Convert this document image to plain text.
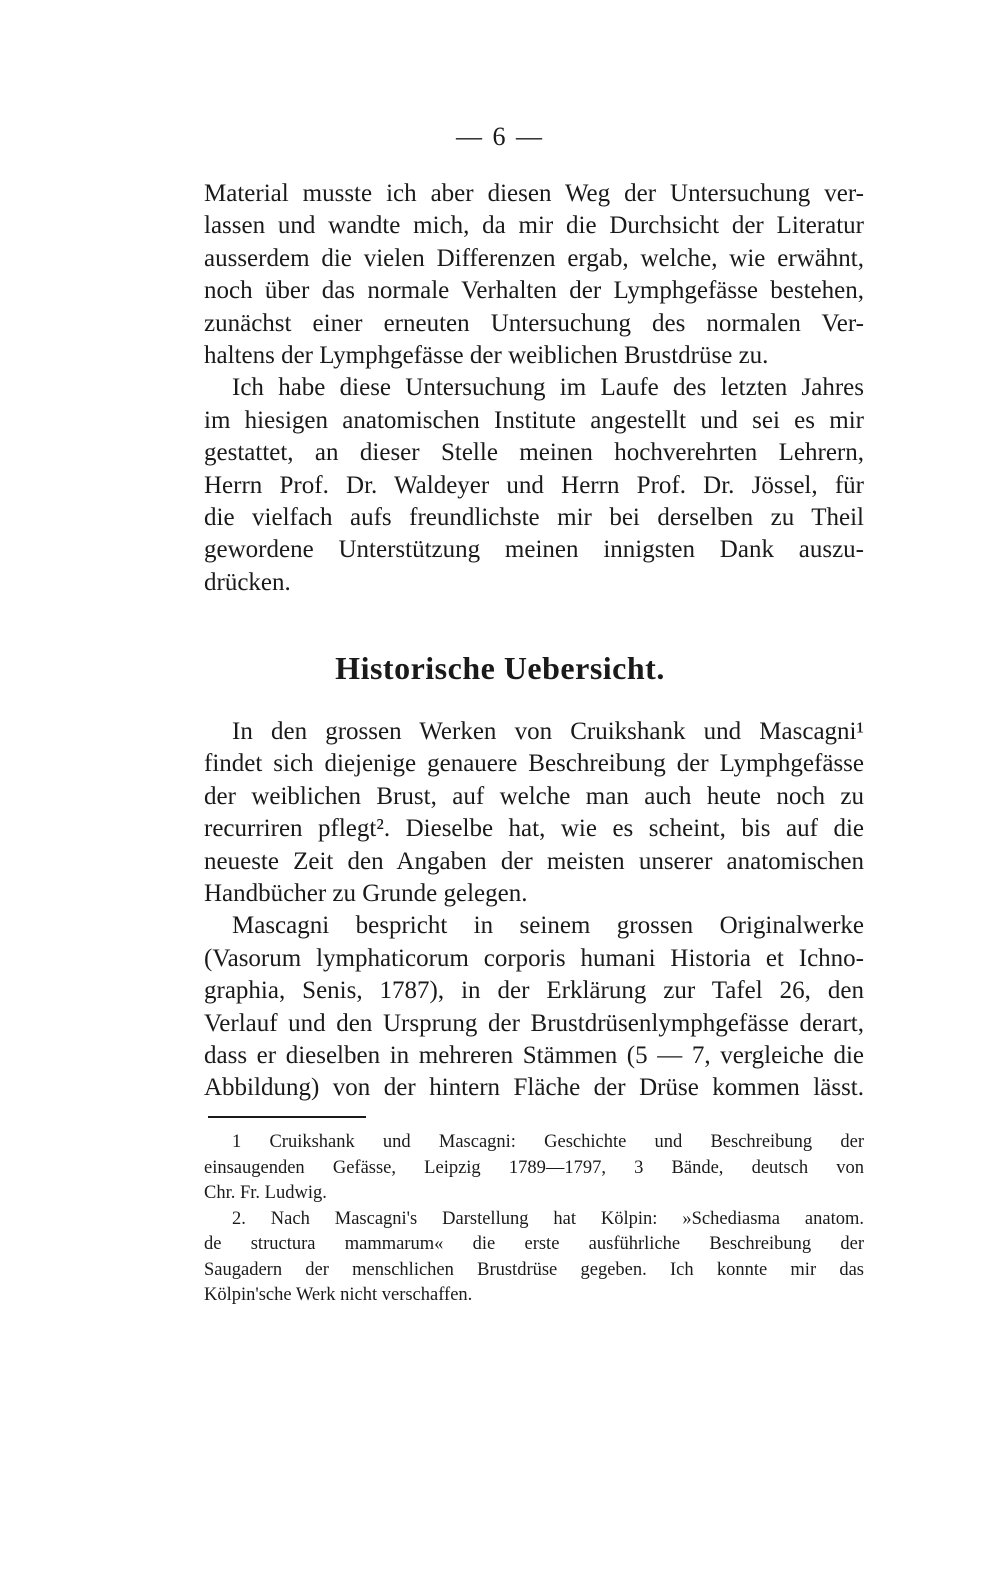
— 6 —
Material musste ich aber diesen Weg der Untersuchung ver-
lassen und wandte mich, da mir die Durchsicht der Literatur
ausserdem die vielen Differenzen ergab, welche, wie erwähnt,
noch über das normale Verhalten der Lymphgefässe bestehen,
zunächst einer erneuten Untersuchung des normalen Ver-
haltens der Lymphgefässe der weiblichen Brustdrüse zu.
Ich habe diese Untersuchung im Laufe des letzten Jahres
im hiesigen anatomischen Institute angestellt und sei es mir
gestattet, an dieser Stelle meinen hochverehrten Lehrern,
Herrn Prof. Dr. Waldeyer und Herrn Prof. Dr. Jössel, für
die vielfach aufs freundlichste mir bei derselben zu Theil
gewordene Unterstützung meinen innigsten Dank auszu-
drücken.
Historische Uebersicht.
In den grossen Werken von Cruikshank und Mascagni¹
findet sich diejenige genauere Beschreibung der Lymphgefässe
der weiblichen Brust, auf welche man auch heute noch zu
recurriren pflegt². Dieselbe hat, wie es scheint, bis auf die
neueste Zeit den Angaben der meisten unserer anatomischen
Handbücher zu Grunde gelegen.
Mascagni bespricht in seinem grossen Originalwerke
(Vasorum lymphaticorum corporis humani Historia et Ichno-
graphia, Senis, 1787), in der Erklärung zur Tafel 26, den
Verlauf und den Ursprung der Brustdrüsenlymphgefässe derart,
dass er dieselben in mehreren Stämmen (5 — 7, vergleiche die
Abbildung) von der hintern Fläche der Drüse kommen lässt.
1 Cruikshank und Mascagni: Geschichte und Beschreibung der
einsaugenden Gefässe, Leipzig 1789—1797, 3 Bände, deutsch von
Chr. Fr. Ludwig.
2. Nach Mascagni's Darstellung hat Kölpin: »Schediasma anatom.
de structura mammarum« die erste ausführliche Beschreibung der
Saugadern der menschlichen Brustdrüse gegeben. Ich konnte mir das
Kölpin'sche Werk nicht verschaffen.
